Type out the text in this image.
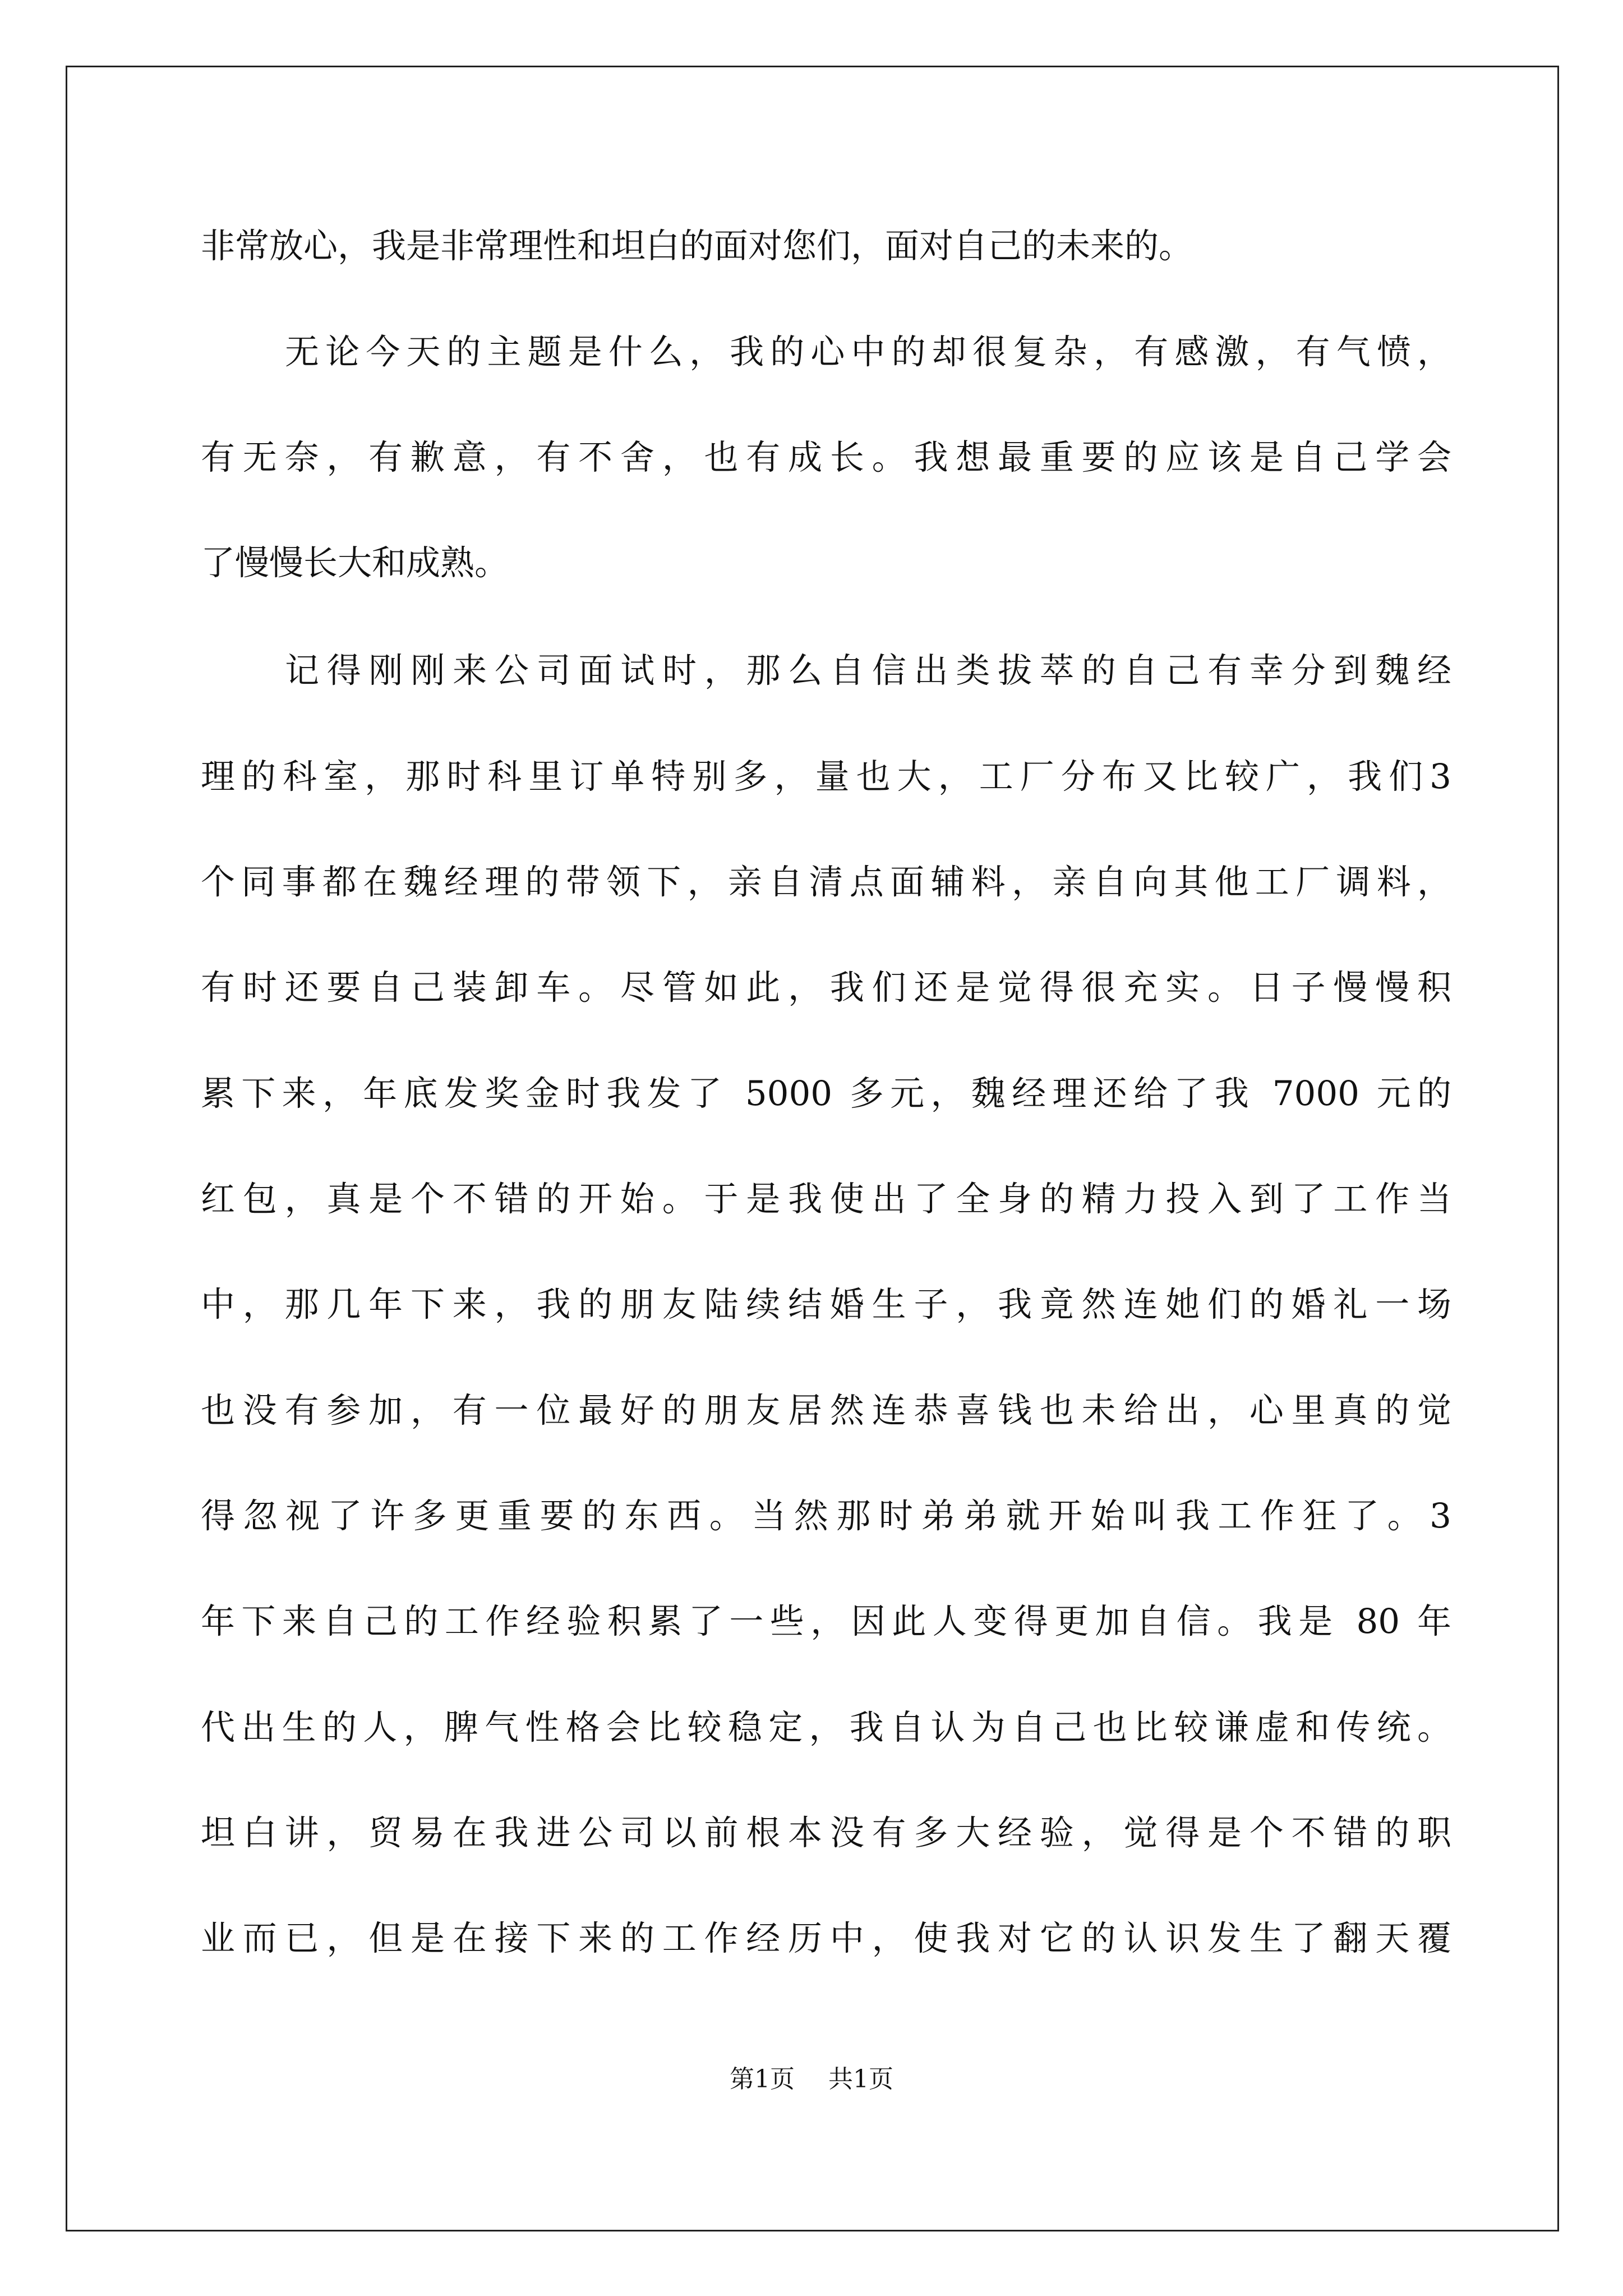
非常放心，我是非常理性和坦白的面对您们，面对自己的未来的。
无论今天的主题是什么，我的心中的却很复杂，有感激，有气愤，
有无奈，有歉意，有不舍，也有成长。我想最重要的应该是自己学会
了慢慢长大和成熟。
记得刚刚来公司面试时，那么自信出类拔萃的自己有幸分到魏经
理的科室，那时科里订单特别多，量也大，工厂分布又比较广，我们3
个同事都在魏经理的带领下，亲自清点面辅料，亲自向其他工厂调料，
有时还要自己装卸车。尽管如此，我们还是觉得很充实。日子慢慢积
累下来，年底发奖金时我发了 5000 多元，魏经理还给了我 7000 元的
红包，真是个不错的开始。于是我使出了全身的精力投入到了工作当
中，那几年下来，我的朋友陆续结婚生子，我竟然连她们的婚礼一场
也没有参加，有一位最好的朋友居然连恭喜钱也未给出，心里真的觉
得忽视了许多更重要的东西。当然那时弟弟就开始叫我工作狂了。3
年下来自己的工作经验积累了一些，因此人变得更加自信。我是 80 年
代出生的人，脾气性格会比较稳定，我自认为自己也比较谦虚和传统。
坦白讲，贸易在我进公司以前根本没有多大经验，觉得是个不错的职
业而已，但是在接下来的工作经历中，使我对它的认识发生了翻天覆
第1页 共1页
